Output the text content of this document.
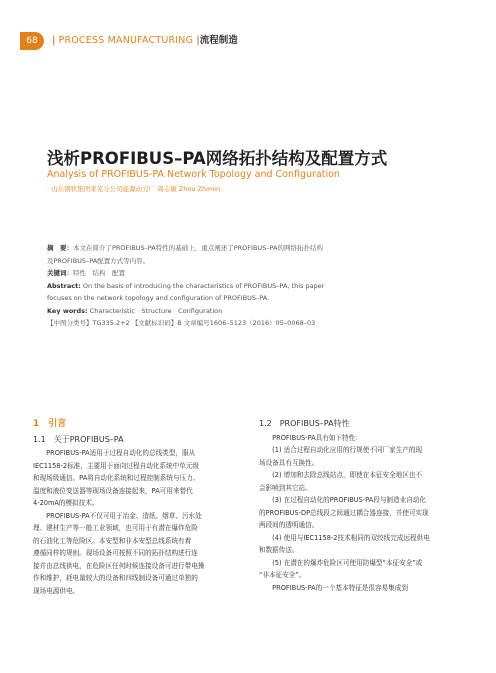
68	| PROCESS MANUFACTURING |流程制造
浅析PROFIBUS–PA网络拓扑结构及配置方式
Analysis of PROFIBUS-PA Network Topology and Configuration
· 山东钢铁集团莱芜分公司能源动力厂 周志敏 Zhou Zhimin
摘　要：本文在简介了PROFIBUS–PA特性的基础上，重点阐述了PROFIBUS–PA的网络拓扑结构
及PROFIBUS–PA配置方式等内容。
关键词：特性　结构　配置
Abstract: On the basis of introducing the characteristics of PROFIBUS–PA, this paper
focuses on the network topology and configuration of PROFIBUS–PA.
Key words: Characteristic　Structure　Configuration
【中图分类号】TG335.2+2 【文献标识码】B 文章编号1606–5123（2016）05–0068–03
1　引言
1.1　关于PROFIBUS–PA

　　PROFIBUS-PA适用于过程自动化的总线类型，服从

IEC1158-2标准，主要用于面向过程自动化系统中单元级

和现场级通信。PA将自动化系统和过程控制系统与压力、

温度和液位变送器等现场设备连接起来，PA可用来替代

4-20mA的模拟技术。

　　PROFIBUS-PA不仅可用于冶金、造纸、烟草、污水处

理、建材生产等一般工业领域，也可用于有潜在爆炸危险

的石油化工等危险区。本安型和非本安型总线系统有着

遵循同样的规则。现场设备可按照不同的拓扑结构进行连

接并由总线供电，在危险区任何时候连接设备可进行带电操

作和维护，耗电量较大的设备和四线制设备可通过单独的

现场电源供电。

1.2　PROFIBUS–PA特性

　　PROFIBUS-PA具有如下特性：

　　(1) 适合过程自动化应用的行规使不同厂家生产的现

场设备具有互换性。

　　(2) 增加和去除总线站点，即使在本征安全地区也不

会影响到其它站。

　　(3) 在过程自动化的PROFIBUS-PA段与制造业自动化

的PROFIBUS-DP总线段之间通过耦合器连接，并使可实现

两段间的透明通信。

　　(4) 使用与IEC1158-2技术相同的双绞线完成远程供电

和数据传送。

　　(5) 在潜在的爆炸危险区可使用防爆型“本征安全”或

“非本征安全”。

　　PROFIBUS-PA的一个基本特征是很容易集成到
